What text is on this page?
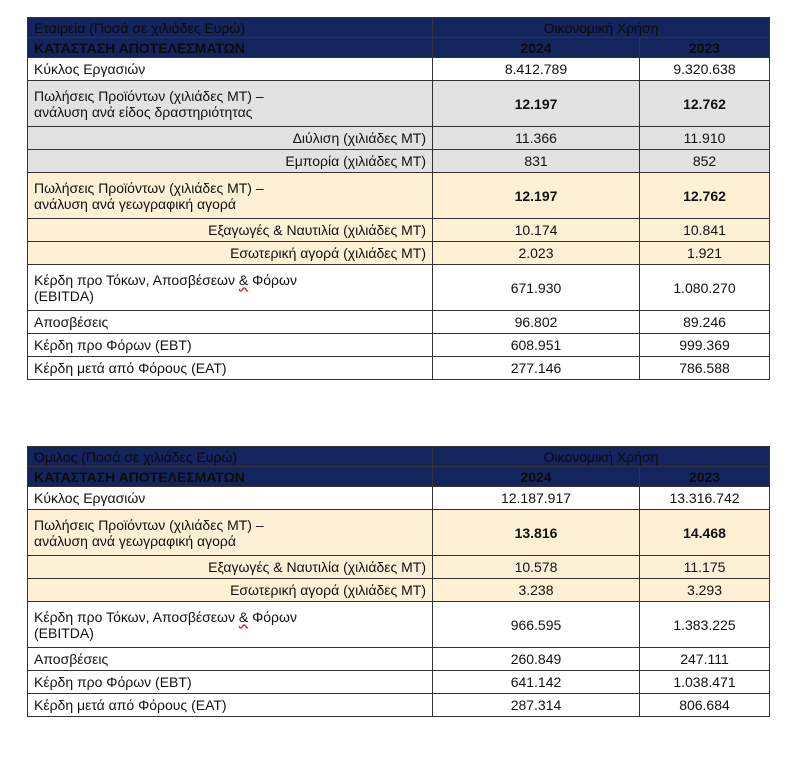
Εταιρεία (Ποσά σε χιλιάδες Ευρώ)	Οικονομική Χρήση	
ΚΑΤΑΣΤΑΣΗ ΑΠΟΤΕΛΕΣΜΑΤΩΝ	2024	2023
Κύκλος Εργασιών	8.412.789	9.320.638
Πωλήσεις Προϊόντων (χιλιάδες ΜΤ) –
ανάλυση ανά είδος δραστηριότητας	12.197	12.762
Διύλιση (χιλιάδες ΜΤ)	11.366	11.910
Εμπορία (χιλιάδες ΜΤ)	831	852
Πωλήσεις Προϊόντων (χιλιάδες ΜΤ) –
ανάλυση ανά γεωγραφική αγορά	12.197	12.762
Εξαγωγές & Ναυτιλία (χιλιάδες ΜΤ)	10.174	10.841
Εσωτερική αγορά (χιλιάδες ΜΤ)	2.023	1.921
Κέρδη προ Τόκων, Αποσβέσεων & Φόρων
(EBITDA)	671.930	1.080.270
Αποσβέσεις	96.802	89.246
Κέρδη προ Φόρων (EBT)	608.951	999.369
Κέρδη μετά από Φόρους (EAT)	277.146	786.588
Όμιλος (Ποσά σε χιλιάδες Ευρώ)	Οικονομική Χρήση	
ΚΑΤΑΣΤΑΣΗ ΑΠΟΤΕΛΕΣΜΑΤΩΝ	2024	2023
Κύκλος Εργασιών	12.187.917	13.316.742
Πωλήσεις Προϊόντων (χιλιάδες ΜΤ) –
ανάλυση ανά γεωγραφική αγορά	13.816	14.468
Εξαγωγές & Ναυτιλία (χιλιάδες ΜΤ)	10.578	11.175
Εσωτερική αγορά (χιλιάδες ΜΤ)	3.238	3.293
Κέρδη προ Τόκων, Αποσβέσεων & Φόρων
(EBITDA)	966.595	1.383.225
Αποσβέσεις	260.849	247.111
Κέρδη προ Φόρων (EBT)	641.142	1.038.471
Κέρδη μετά από Φόρους (EAT)	287.314	806.684
